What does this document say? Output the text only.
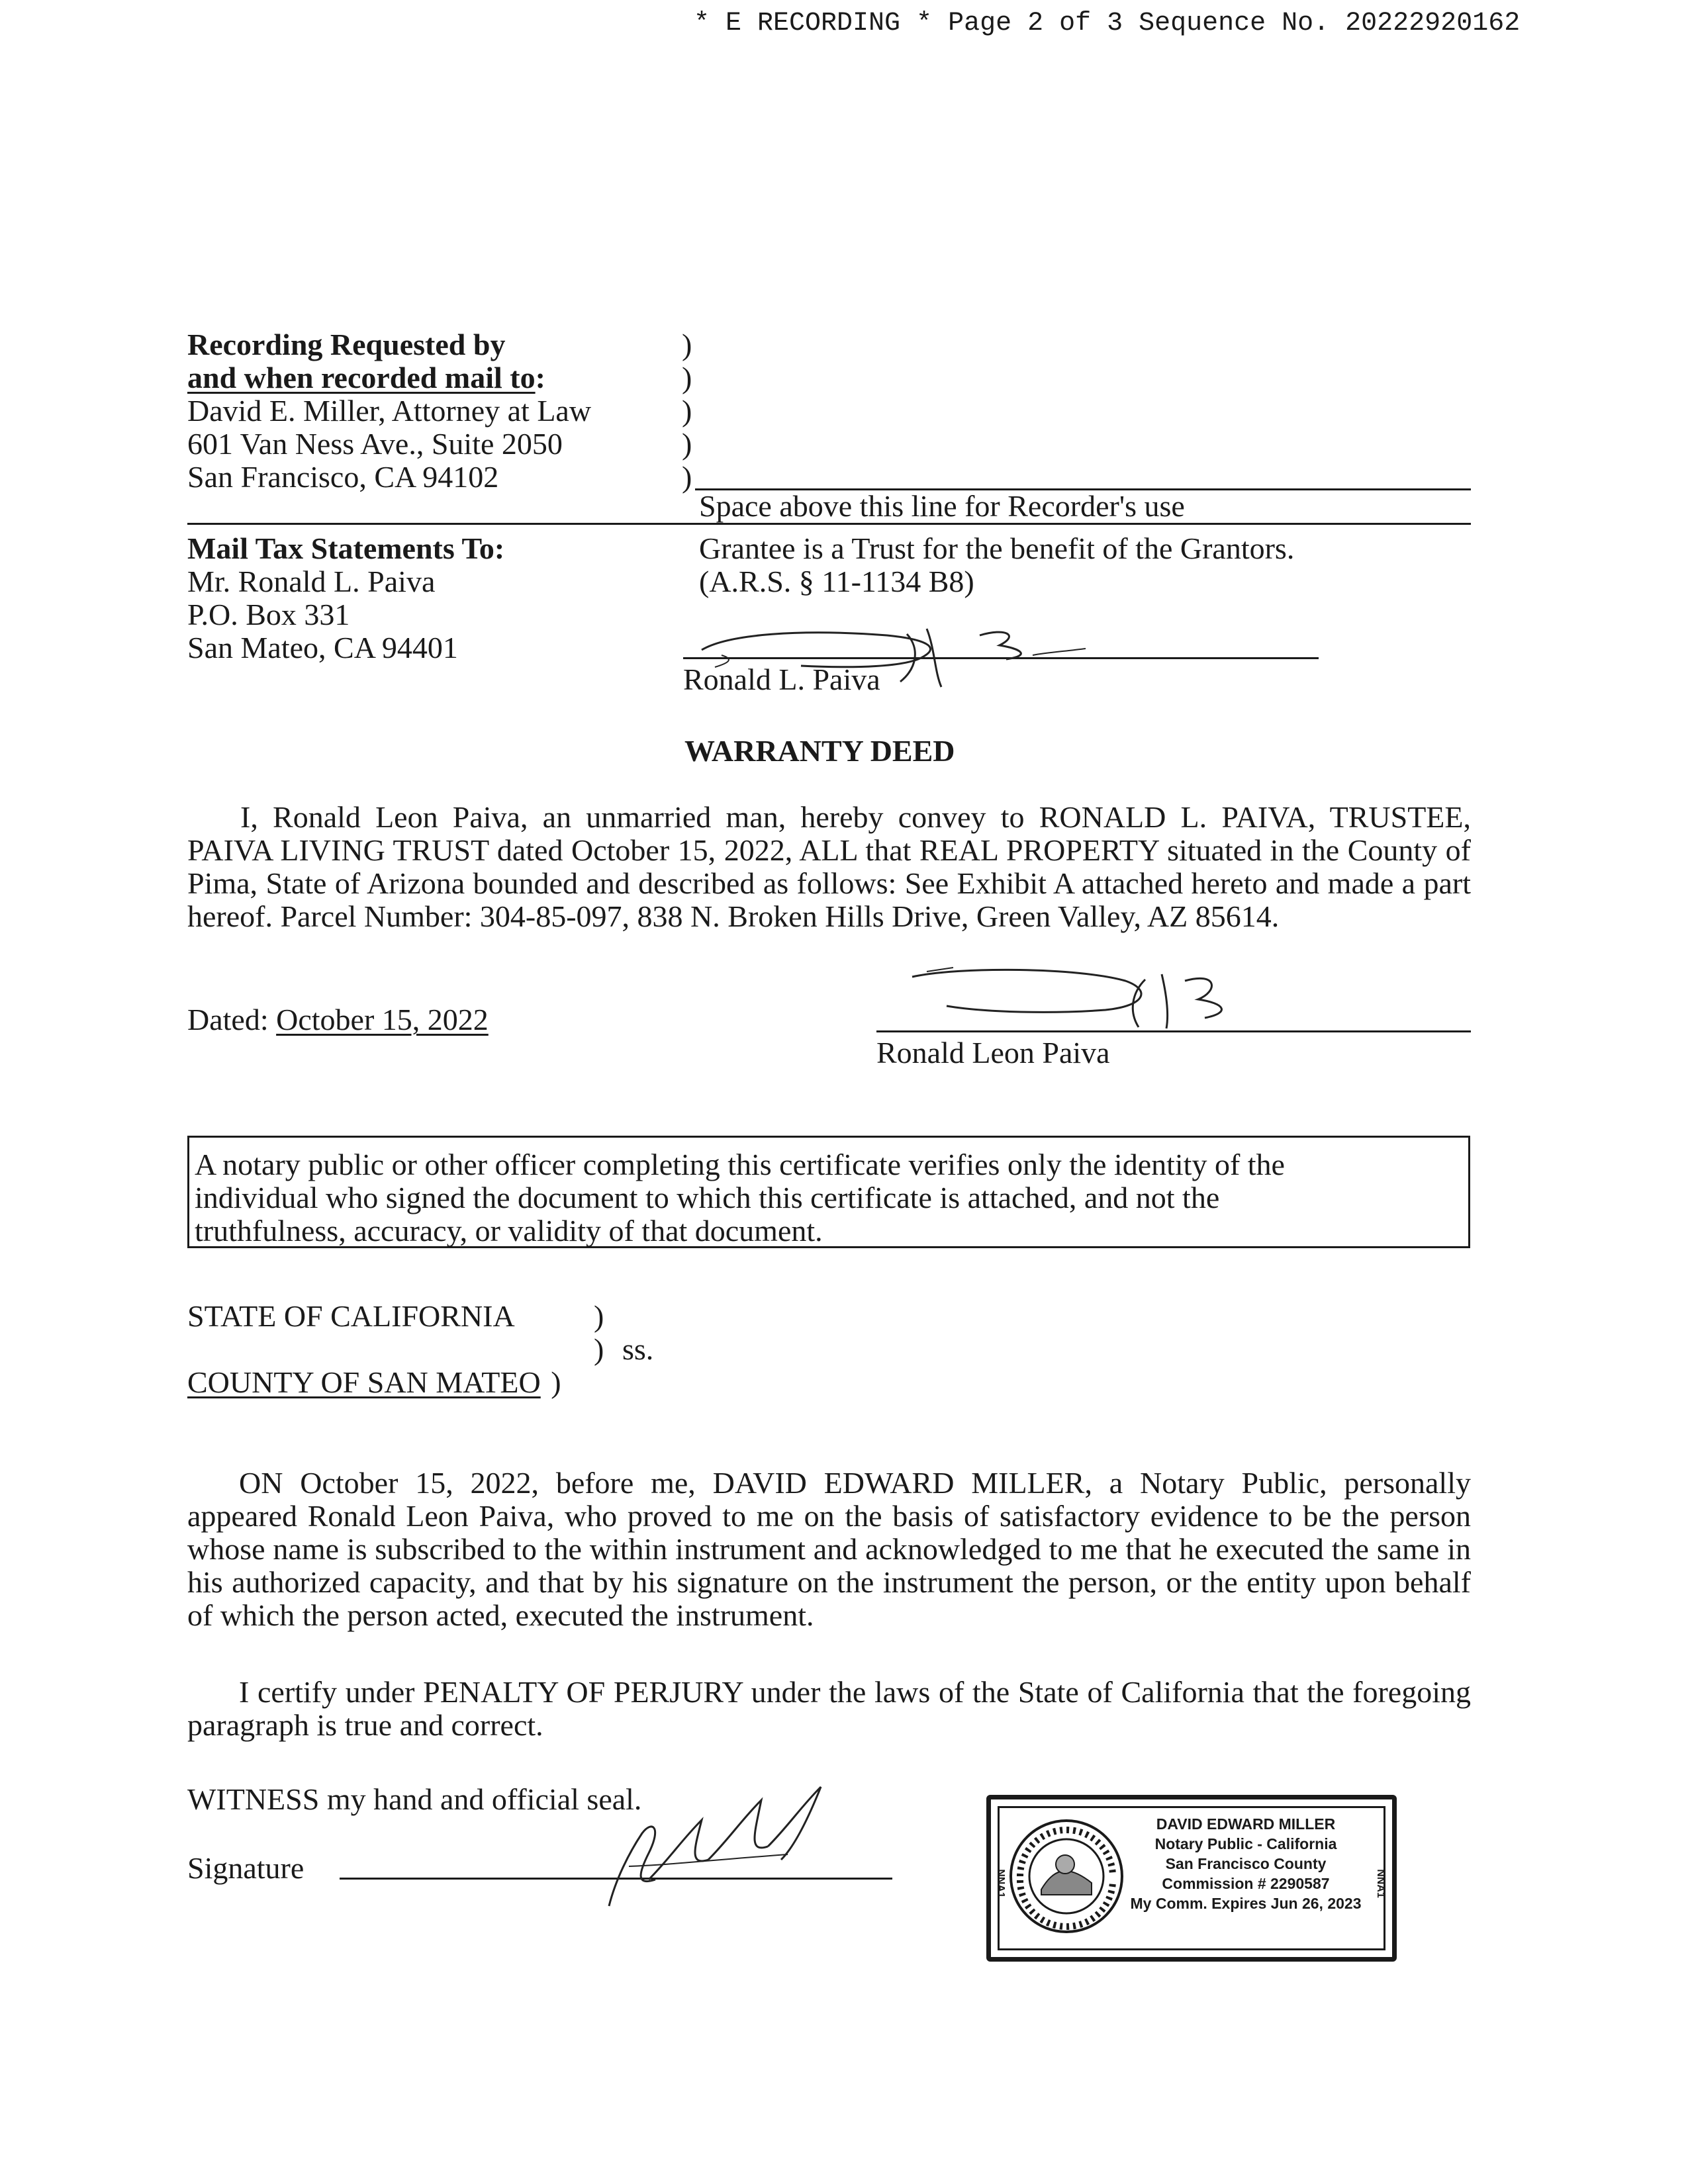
* E RECORDING * Page 2 of 3 Sequence No. 20222920162
Recording Requested by
and when recorded mail to:
David E. Miller, Attorney at Law
601 Van Ness Ave., Suite 2050
San Francisco, CA 94102
)
)
)
)
)
Space above this line for Recorder's use
Mail Tax Statements To:
Mr. Ronald L. Paiva
P.O. Box 331
San Mateo, CA 94401
Grantee is a Trust for the benefit of the Grantors.
(A.R.S. § 11-1134 B8)
Ronald L. Paiva
WARRANTY DEED
I, Ronald Leon Paiva, an unmarried man, hereby convey to RONALD L. PAIVA, TRUSTEE, PAIVA LIVING TRUST dated October 15, 2022, ALL that REAL PROPERTY situated in the County of Pima, State of Arizona bounded and described as follows: See Exhibit A attached hereto and made a part hereof. Parcel Number: 304-85-097, 838 N. Broken Hills Drive, Green Valley, AZ 85614.
Dated: October 15, 2022
Ronald Leon Paiva
A notary public or other officer completing this certificate verifies only the identity of the
individual who signed the document to which this certificate is attached, and not the
truthfulness, accuracy, or validity of that document.
STATE OF CALIFORNIA	)
) ss.
COUNTY OF SAN MATEO )
ON October 15, 2022, before me, DAVID EDWARD MILLER, a Notary Public, personally appeared Ronald Leon Paiva, who proved to me on the basis of satisfactory evidence to be the person whose name is subscribed to the within instrument and acknowledged to me that he executed the same in his authorized capacity, and that by his signature on the instrument the person, or the entity upon behalf of which the person acted, executed the instrument.
I certify under PENALTY OF PERJURY under the laws of the State of California that the foregoing paragraph is true and correct.
WITNESS my hand and official seal.
Signature	NNA1	NNA1
DAVID EDWARD MILLER
Notary Public - California
San Francisco County
Commission # 2290587
My Comm. Expires Jun 26, 2023
